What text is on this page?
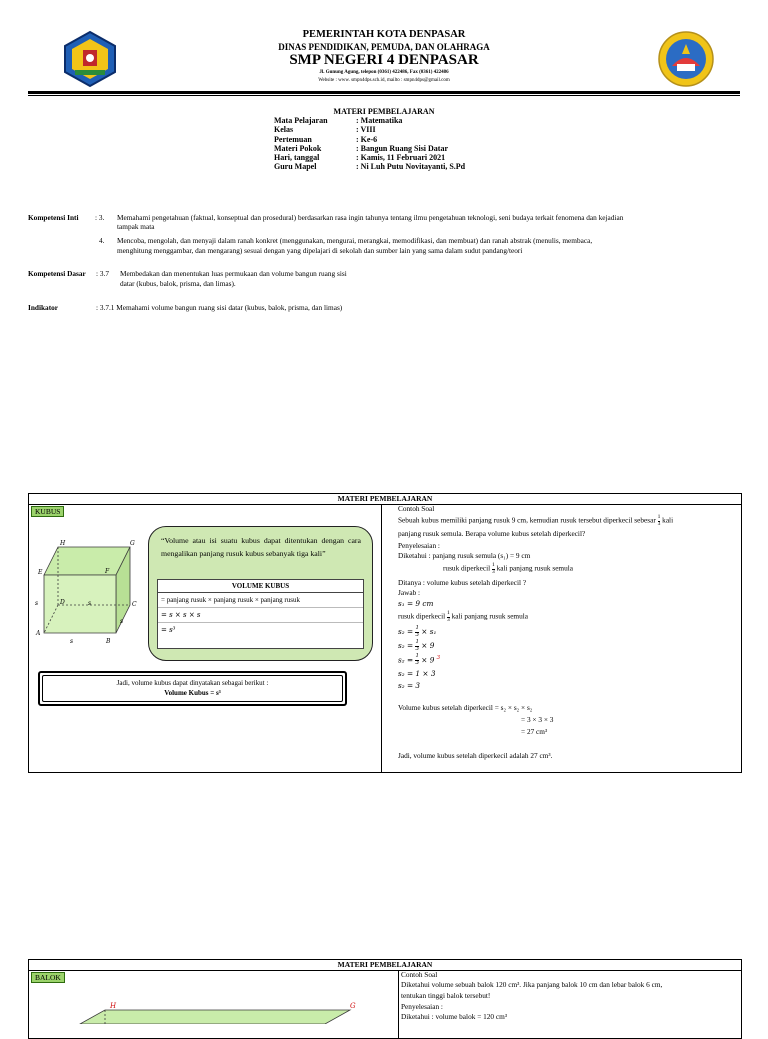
PEMERINTAH KOTA DENPASAR
DINAS PENDIDIKAN, PEMUDA, DAN OLAHRAGA
SMP NEGERI 4 DENPASAR
Jl. Gunung Agung, telepon (0361) 422486, Fax (0361) 422486
Website : www. smpn4dps.sch.id, mailto : smpn4dps@gmail.com
MATERI PEMBELAJARAN
Mata Pelajaran	: Matematika
Kelas	: VIII
Pertemuan	: Ke-6
Materi Pokok	: Bangun Ruang Sisi Datar
Hari, tanggal	: Kamis, 11 Februari 2021
Guru Mapel	: Ni Luh Putu Novitayanti, S.Pd
Kompetensi Inti : 3. Memahami pengetahuan (faktual, konseptual dan prosedural) berdasarkan rasa ingin tahunya tentang ilmu pengetahuan teknologi, seni budaya terkait fenomena dan kejadian
tampak mata
4. Mencoba, mengolah, dan menyaji dalam ranah konkret (menggunakan, mengurai, merangkai, memodifikasi, dan membuat) dan ranah abstrak (menulis, membaca,
menghitung menggambar, dan mengarang) sesuai dengan yang dipelajari di sekolah dan sumber lain yang sama dalam sudut pandang/teori
Kompetensi Dasar : 3.7 Membedakan dan menentukan luas permukaan dan volume bangun ruang sisi
datar (kubus, balok, prisma, dan limas).
Indikator	: 3.7.1 Memahami volume bangun ruang sisi datar (kubus, balok, prisma, dan limas)
MATERI PEMBELAJARAN
KUBUS
H	G
E	F
D	C
A
B
s
s
s
s
“Volume atau isi suatu kubus dapat ditentukan dengan cara mengalikan panjang rusuk kubus sebanyak tiga kali”
VOLUME KUBUS
= panjang rusuk × panjang rusuk × panjang rusuk
= s × s × s
= s³
Jadi, volume kubus dapat dinyatakan sebagai berikut :
Volume Kubus = s³
Contoh Soal
Sebuah kubus memiliki panjang rusuk 9 cm, kemudian rusuk tersebut diperkecil sebesar $\frac{1}{3}$ kali
panjang rusuk semula. Berapa volume kubus setelah diperkecil?
Penyelesaian :
Diketahui : panjang rusuk semula (s₁) = 9 cm
rusuk diperkecil $\frac{1}{3}$ kali panjang rusuk semula
Ditanya : volume kubus setelah diperkecil ?
Jawab :
s₁ = 9 cm
rusuk diperkecil $\frac{1}{3}$ kali panjang rusuk semula
$s_2 = \frac{1}{3} \times s_1$
$s_2 = \frac{1}{3} \times 9$
$s_2 = \frac{1}{3} \times 9$ $^3$
s₂ = 1 × 3
s₂ = 3
Volume kubus setelah diperkecil = s₂ × s₂ × s₂
= 3 × 3 × 3
= 27 cm³
Jadi, volume kubus setelah diperkecil adalah 27 cm³.
MATERI PEMBELAJARAN
BALOK
H	G
Contoh Soal
Diketahui volume sebuah balok 120 cm³. Jika panjang balok 10 cm dan lebar balok 6 cm,
tentukan tinggi balok tersebut!
Penyelesaian :
Diketahui : volume balok = 120 cm³
